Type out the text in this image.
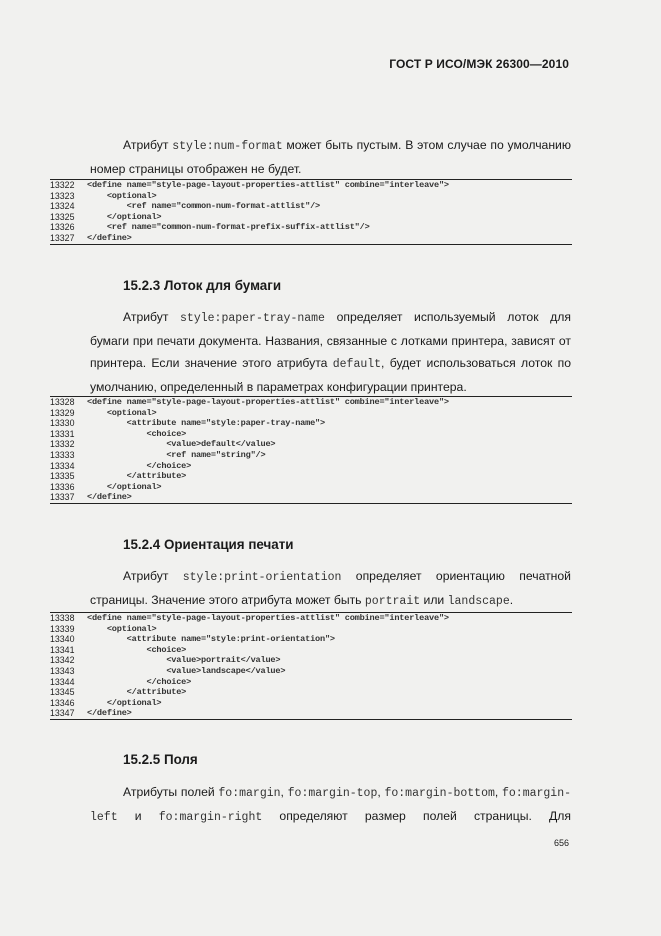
ГОСТ Р ИСО/МЭК 26300—2010
Атрибут style:num-format может быть пустым. В этом случае по умолчанию номер страницы отображен не будет.
13322	<define name="style-page-layout-properties-attlist" combine="interleave">
13323	<optional>
13324	<ref name="common-num-format-attlist"/>
13325	</optional>
13326	<ref name="common-num-format-prefix-suffix-attlist"/>
13327	</define>
15.2.3 Лоток для бумаги
Атрибут style:paper-tray-name определяет используемый лоток для бумаги при печати документа. Названия, связанные с лотками принтера, зависят от принтера. Если значение этого атрибута default, будет использоваться лоток по умолчанию, определенный в параметрах конфигурации принтера.
13328	<define name="style-page-layout-properties-attlist" combine="interleave">
13329	<optional>
13330	<attribute name="style:paper-tray-name">
13331	<choice>
13332	<value>default</value>
13333	<ref name="string"/>
13334	</choice>
13335	</attribute>
13336	</optional>
13337	</define>
15.2.4 Ориентация печати
Атрибут style:print-orientation определяет ориентацию печатной страницы. Значение этого атрибута может быть portrait или landscape.
13338	<define name="style-page-layout-properties-attlist" combine="interleave">
13339	<optional>
13340	<attribute name="style:print-orientation">
13341	<choice>
13342	<value>portrait</value>
13343	<value>landscape</value>
13344	</choice>
13345	</attribute>
13346	</optional>
13347	</define>
15.2.5 Поля
Атрибуты полей fo:margin, fo:margin-top, fo:margin-bottom, fo:margin-left и fo:margin-right определяют размер полей страницы. Для
656
